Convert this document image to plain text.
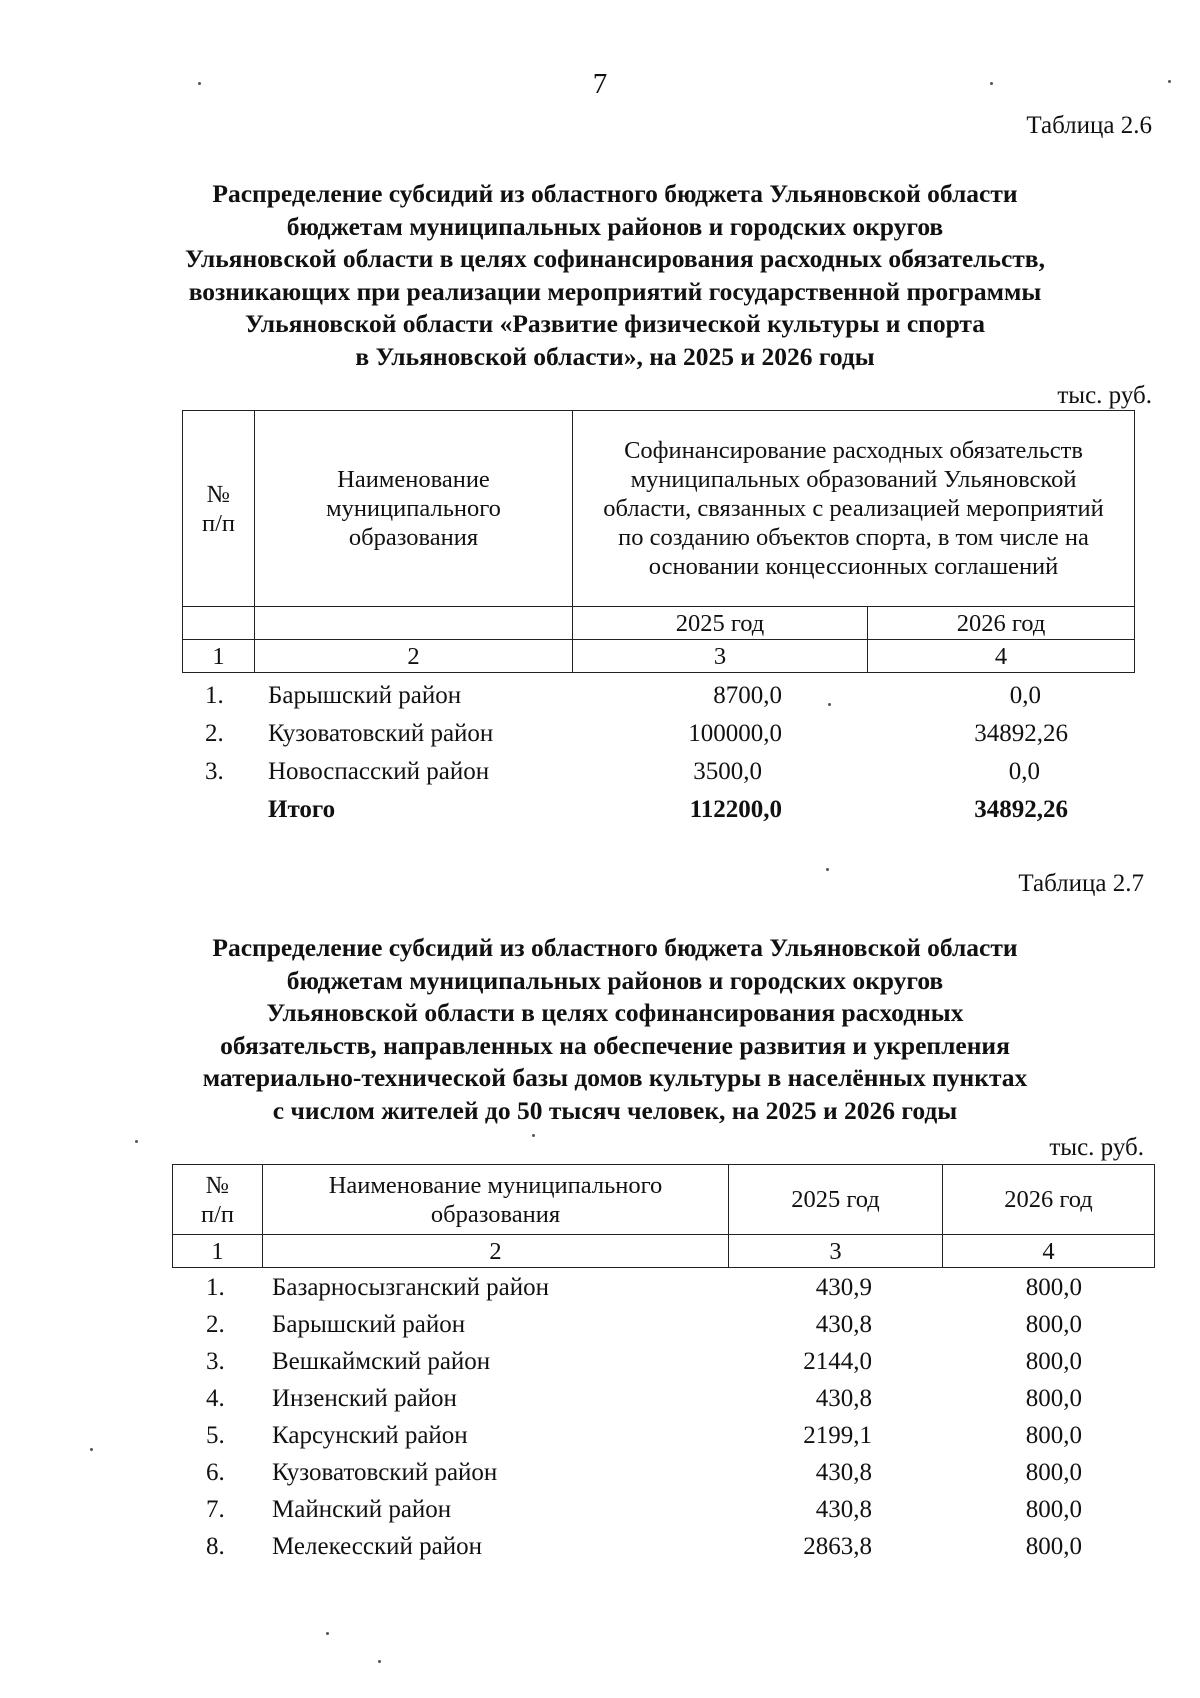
7
Таблица 2.6
Распределение субсидий из областного бюджета Ульяновской области
бюджетам муниципальных районов и городских округов
Ульяновской области в целях софинансирования расходных обязательств,
возникающих при реализации мероприятий государственной программы
Ульяновской области «Развитие физической культуры и спорта
в Ульяновской области», на 2025 и 2026 годы
тыс. руб.
№ п/п	Наименование муниципального образования	Софинансирование расходных обязательств муниципальных образований Ульяновской области, связанных с реализацией мероприятий по созданию объектов спорта, в том числе на основании концессионных соглашений	
		2025 год	2026 год
1	2	3	4
1. Барышский район	8700,0	0,0
2. Кузоватовский район	100000,0	34892,26
3. Новоспасский район	3500,0	0,0
Итого	112200,0	34892,26
Таблица 2.7
Распределение субсидий из областного бюджета Ульяновской области
бюджетам муниципальных районов и городских округов
Ульяновской области в целях софинансирования расходных
обязательств, направленных на обеспечение развития и укрепления
материально-технической базы домов культуры в населённых пунктах
с числом жителей до 50 тысяч человек, на 2025 и 2026 годы
тыс. руб.
№ п/п	Наименование муниципального образования	2025 год	2026 год
1	2	3	4
1. Базарносызганский район	430,9	800,0
2. Барышский район	430,8	800,0
3. Вешкаймский район	2144,0	800,0
4. Инзенский район	430,8	800,0
5. Карсунский район	2199,1	800,0
6. Кузоватовский район	430,8	800,0
7. Майнский район	430,8	800,0
8. Мелекесский район	2863,8	800,0
